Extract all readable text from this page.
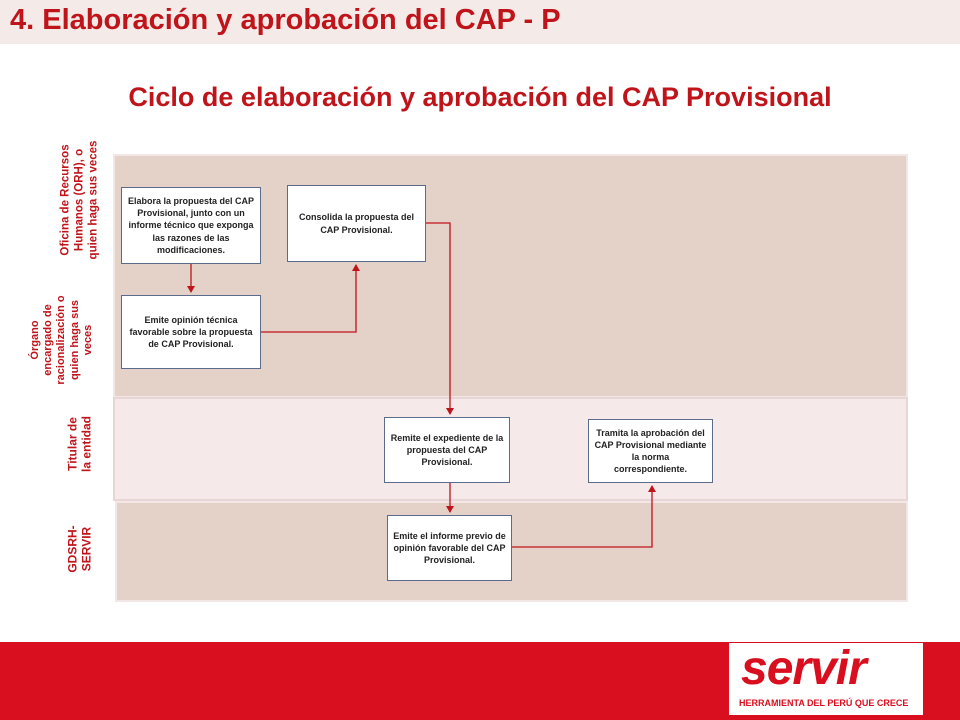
4. Elaboración y aprobación del CAP - P
Ciclo de elaboración y aprobación del CAP Provisional
Oficina de Recursos
Humanos (ORH), o
quien haga sus veces
Órgano
encargado de
racionalización o
quien haga sus
veces
Titular de
la entidad
GDSRH-
SERVIR
Elabora la propuesta del CAP Provisional, junto con un informe técnico que exponga las razones de las modificaciones.
Emite opinión técnica favorable sobre la propuesta de CAP Provisional.
Consolida la propuesta del CAP Provisional.
Remite el expediente de la propuesta del CAP Provisional.
Tramita la aprobación del CAP Provisional mediante la norma correspondiente.
Emite el informe previo de opinión favorable del CAP Provisional.
servir
HERRAMIENTA DEL PERÚ QUE CRECE
